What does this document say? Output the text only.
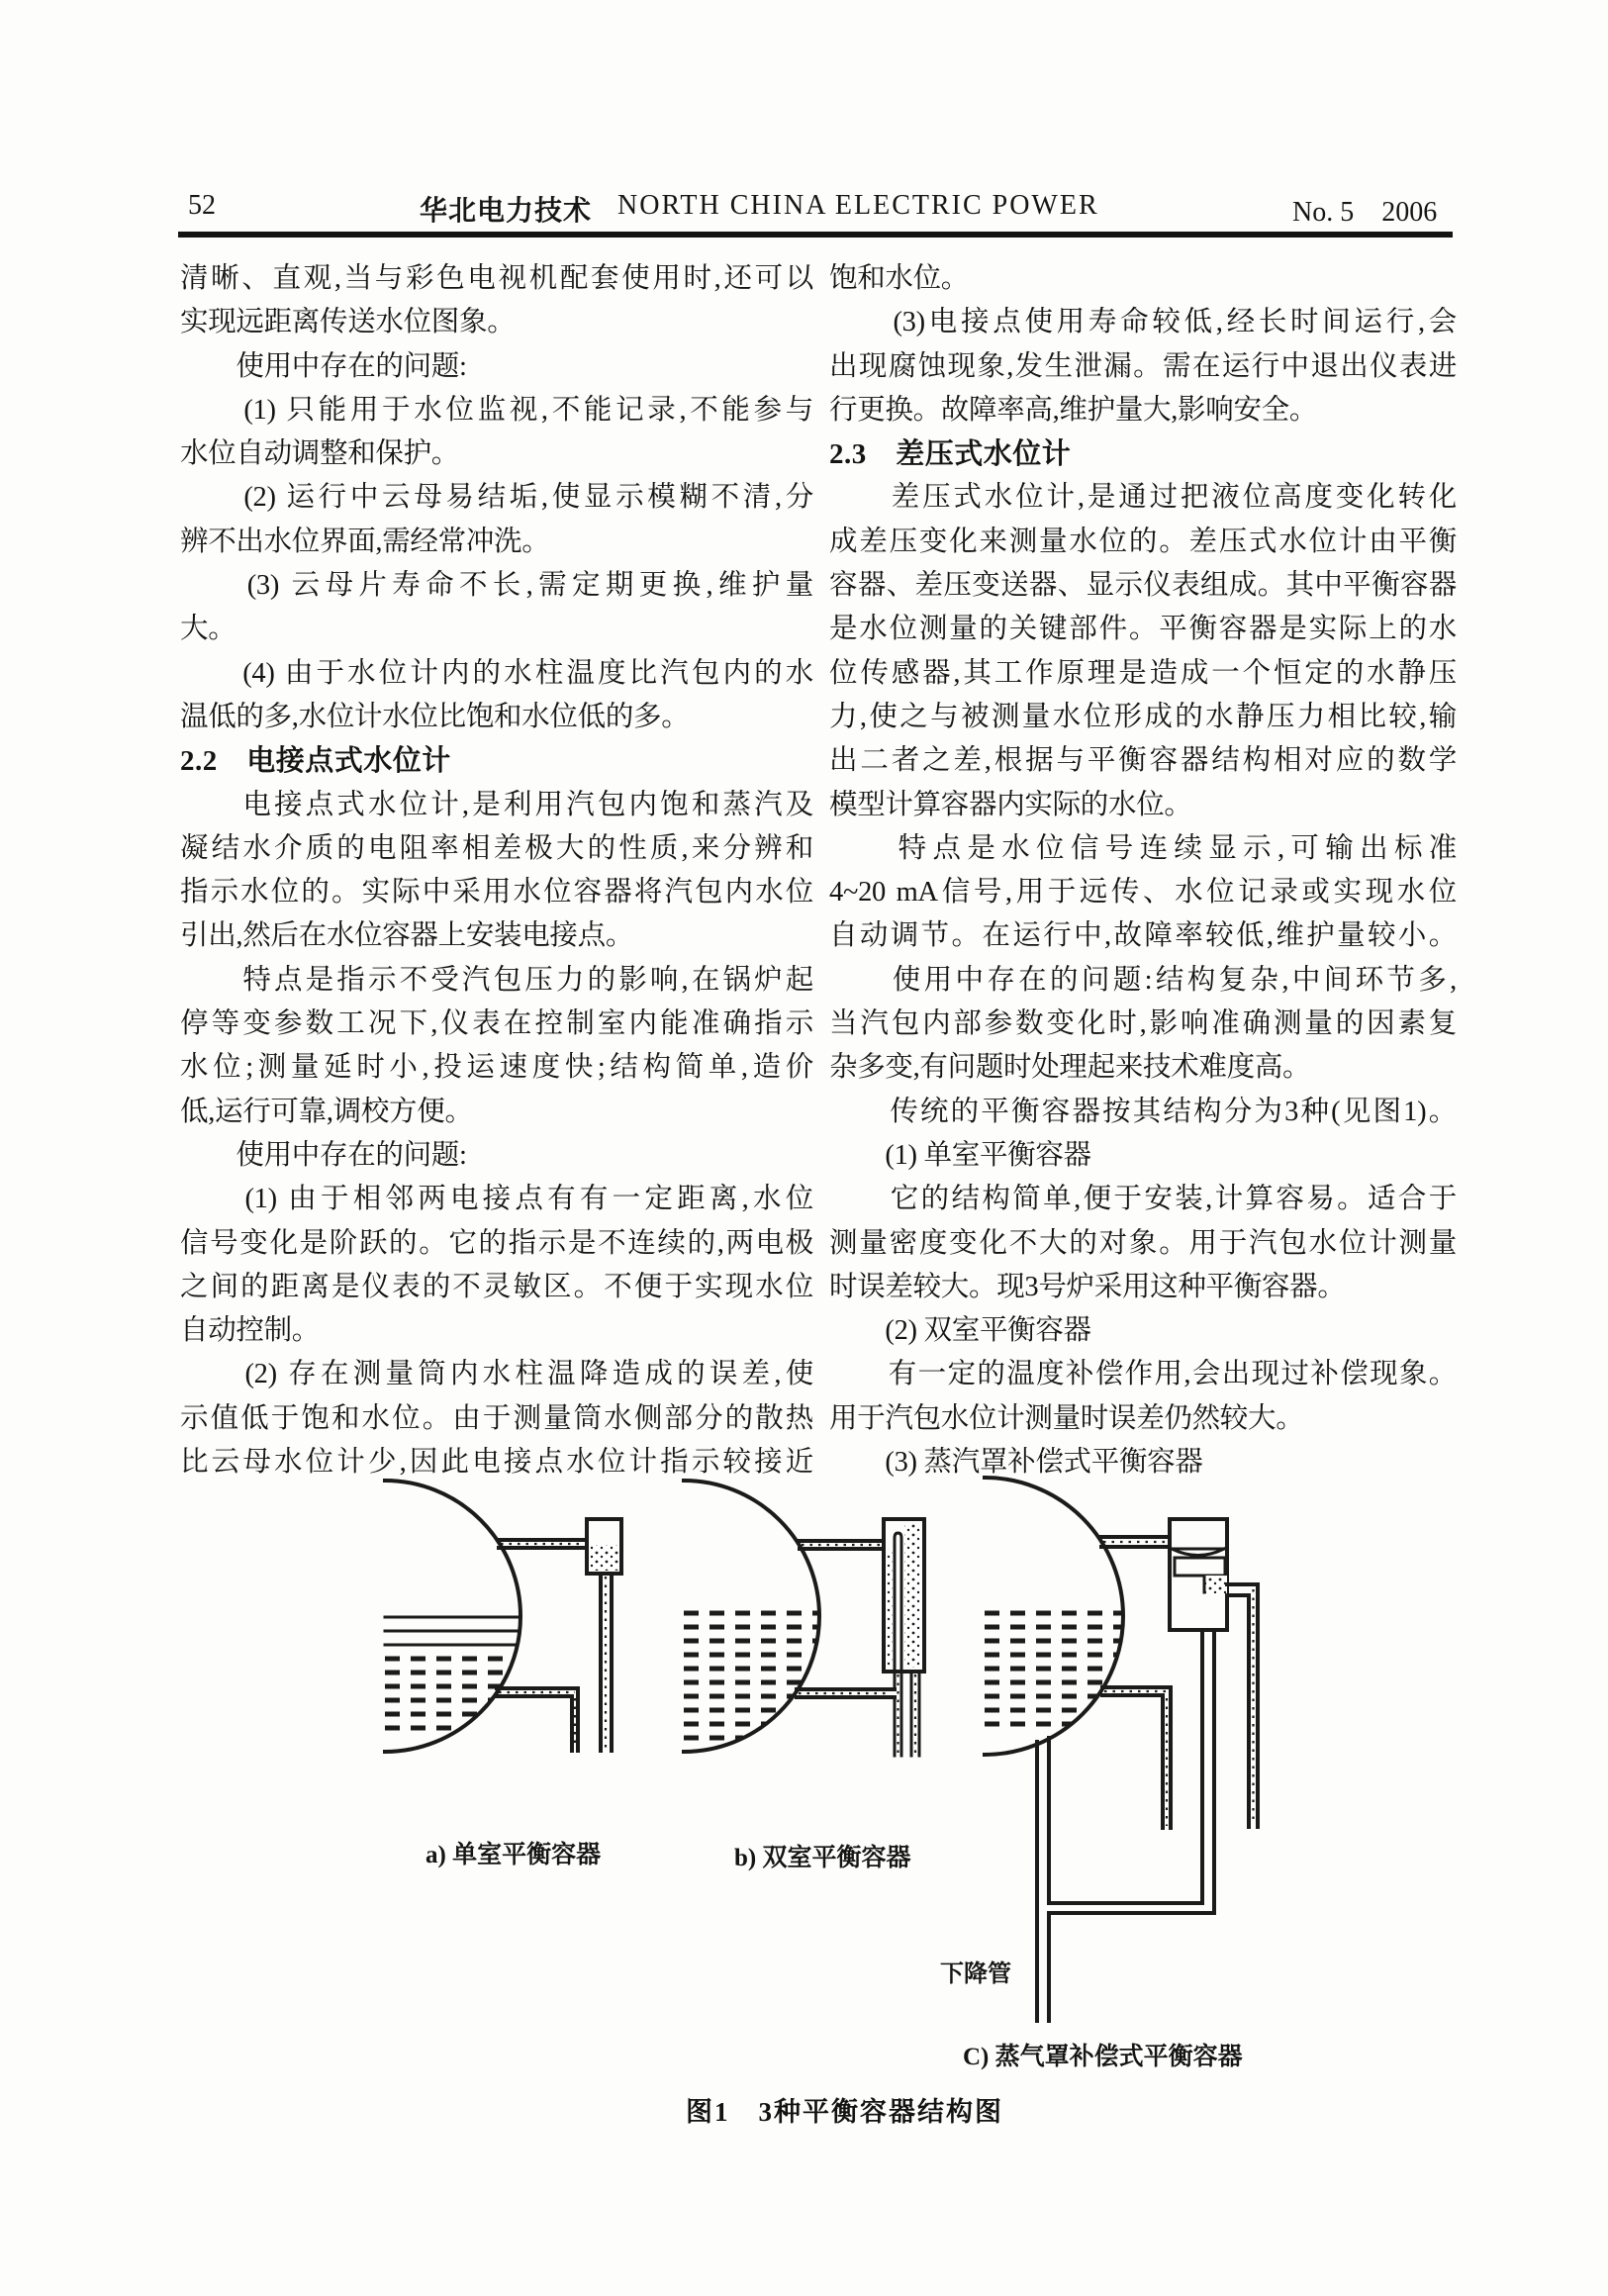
52	华北电力技术 NORTH CHINA ELECTRIC POWER	No. 5　2006
清晰、直观,当与彩色电视机配套使用时,还可以
实现远距离传送水位图象。
　　使用中存在的问题:
　　(1) 只能用于水位监视,不能记录,不能参与
水位自动调整和保护。
　　(2) 运行中云母易结垢,使显示模糊不清,分
辨不出水位界面,需经常冲洗。
　　(3) 云母片寿命不长,需定期更换,维护量
大。
　　(4) 由于水位计内的水柱温度比汽包内的水
温低的多,水位计水位比饱和水位低的多。
2.2　电接点式水位计
　　电接点式水位计,是利用汽包内饱和蒸汽及
凝结水介质的电阻率相差极大的性质,来分辨和
指示水位的。实际中采用水位容器将汽包内水位
引出,然后在水位容器上安装电接点。
　　特点是指示不受汽包压力的影响,在锅炉起
停等变参数工况下,仪表在控制室内能准确指示
水位;测量延时小,投运速度快;结构简单,造价
低,运行可靠,调校方便。
　　使用中存在的问题:
　　(1) 由于相邻两电接点有有一定距离,水位
信号变化是阶跃的。它的指示是不连续的,两电极
之间的距离是仪表的不灵敏区。不便于实现水位
自动控制。
　　(2) 存在测量筒内水柱温降造成的误差,使
示值低于饱和水位。由于测量筒水侧部分的散热
比云母水位计少,因此电接点水位计指示较接近
饱和水位。
　　(3)电接点使用寿命较低,经长时间运行,会
出现腐蚀现象,发生泄漏。需在运行中退出仪表进
行更换。故障率高,维护量大,影响安全。
2.3　差压式水位计
　　差压式水位计,是通过把液位高度变化转化
成差压变化来测量水位的。差压式水位计由平衡
容器、差压变送器、显示仪表组成。其中平衡容器
是水位测量的关键部件。平衡容器是实际上的水
位传感器,其工作原理是造成一个恒定的水静压
力,使之与被测量水位形成的水静压力相比较,输
出二者之差,根据与平衡容器结构相对应的数学
模型计算容器内实际的水位。
　　特点是水位信号连续显示,可输出标准
4~20 mA信号,用于远传、水位记录或实现水位
自动调节。在运行中,故障率较低,维护量较小。
　　使用中存在的问题:结构复杂,中间环节多,
当汽包内部参数变化时,影响准确测量的因素复
杂多变,有问题时处理起来技术难度高。
　　传统的平衡容器按其结构分为3种(见图1)。
　　(1) 单室平衡容器
　　它的结构简单,便于安装,计算容易。适合于
测量密度变化不大的对象。用于汽包水位计测量
时误差较大。现3号炉采用这种平衡容器。
　　(2) 双室平衡容器
　　有一定的温度补偿作用,会出现过补偿现象。
用于汽包水位计测量时误差仍然较大。
　　(3) 蒸汽罩补偿式平衡容器
a) 单室平衡容器	b) 双室平衡容器
下降管
C) 蒸气罩补偿式平衡容器
图1　3种平衡容器结构图
